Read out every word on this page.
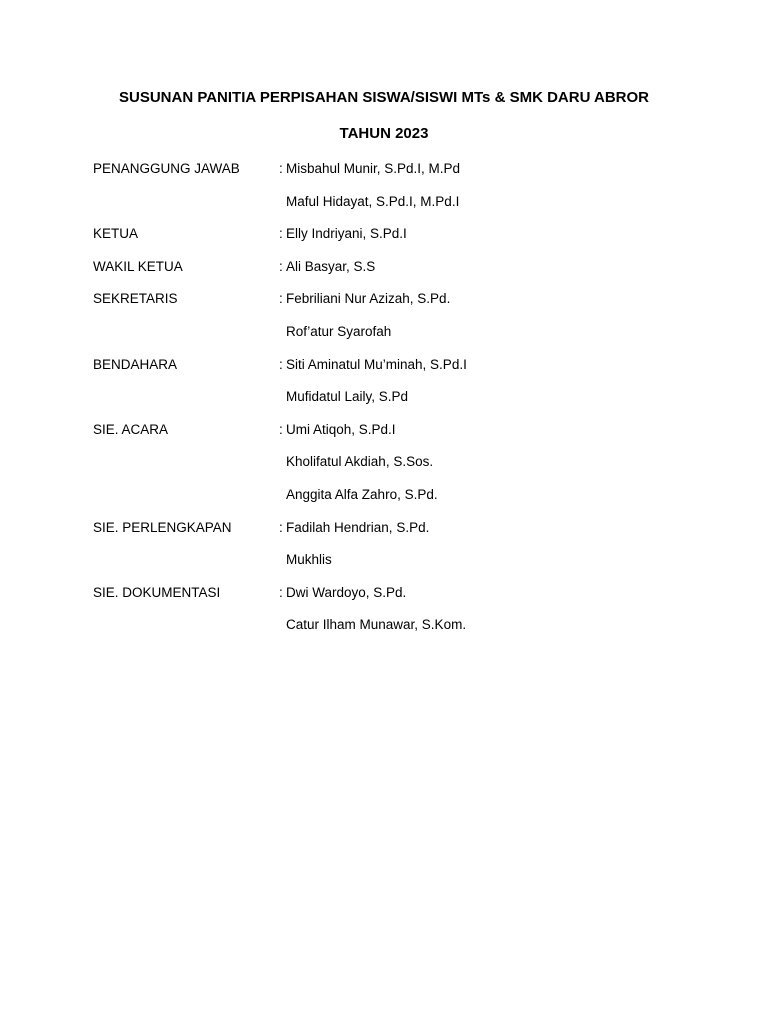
SUSUNAN PANITIA PERPISAHAN SISWA/SISWI MTs & SMK DARU ABROR
TAHUN 2023
PENANGGUNG JAWAB	: Misbahul Munir, S.Pd.I, M.Pd
Maful Hidayat, S.Pd.I, M.Pd.I
KETUA	: Elly Indriyani, S.Pd.I
WAKIL KETUA	: Ali Basyar, S.S
SEKRETARIS	: Febriliani Nur Azizah, S.Pd.
Rof’atur Syarofah
BENDAHARA	: Siti Aminatul Mu’minah, S.Pd.I
Mufidatul Laily, S.Pd
SIE. ACARA	: Umi Atiqoh, S.Pd.I
Kholifatul Akdiah, S.Sos.
Anggita Alfa Zahro, S.Pd.
SIE. PERLENGKAPAN	: Fadilah Hendrian, S.Pd.
Mukhlis
SIE. DOKUMENTASI	: Dwi Wardoyo, S.Pd.
Catur Ilham Munawar, S.Kom.
